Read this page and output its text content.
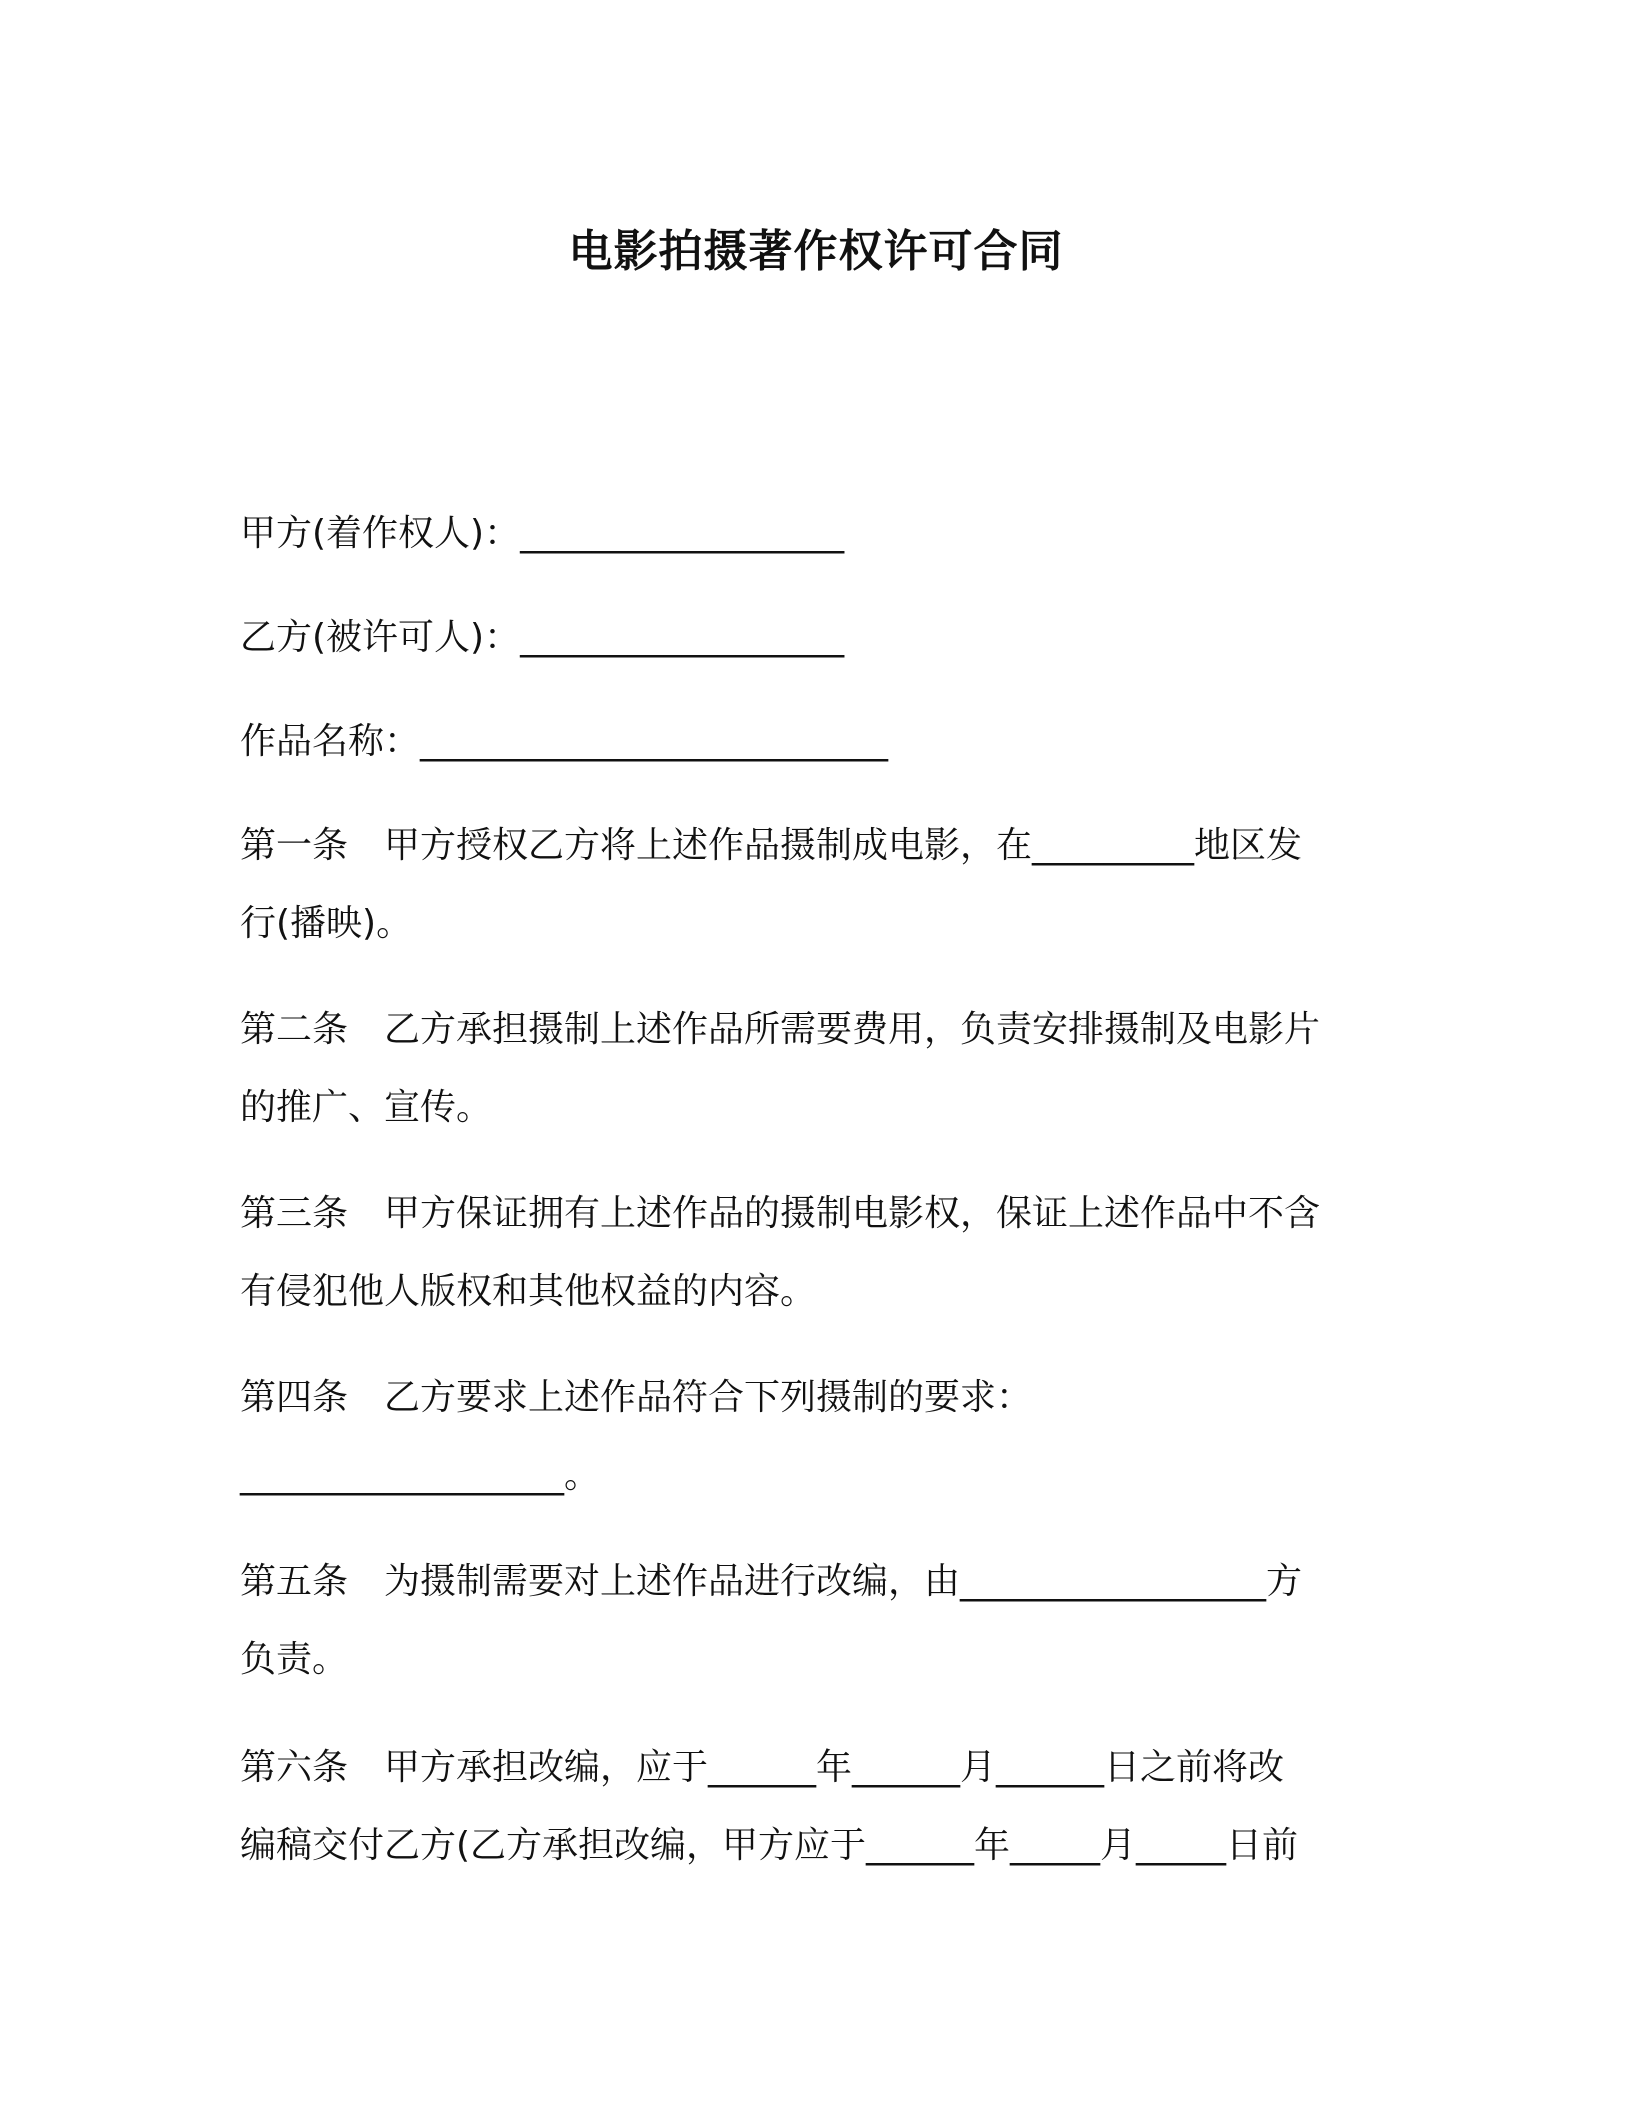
电影拍摄著作权许可合同
甲方(着作权人)：__________________
乙方(被许可人)：__________________
作品名称：__________________________
第一条　甲方授权乙方将上述作品摄制成电影，在_________地区发
行(播映)。
第二条　乙方承担摄制上述作品所需要费用，负责安排摄制及电影片
的推广、宣传。
第三条　甲方保证拥有上述作品的摄制电影权，保证上述作品中不含
有侵犯他人版权和其他权益的内容。
第四条　乙方要求上述作品符合下列摄制的要求：
__________________。
第五条　为摄制需要对上述作品进行改编，由_________________方
负责。
第六条　甲方承担改编，应于______年______月______日之前将改
编稿交付乙方(乙方承担改编，甲方应于______年_____月_____日前
